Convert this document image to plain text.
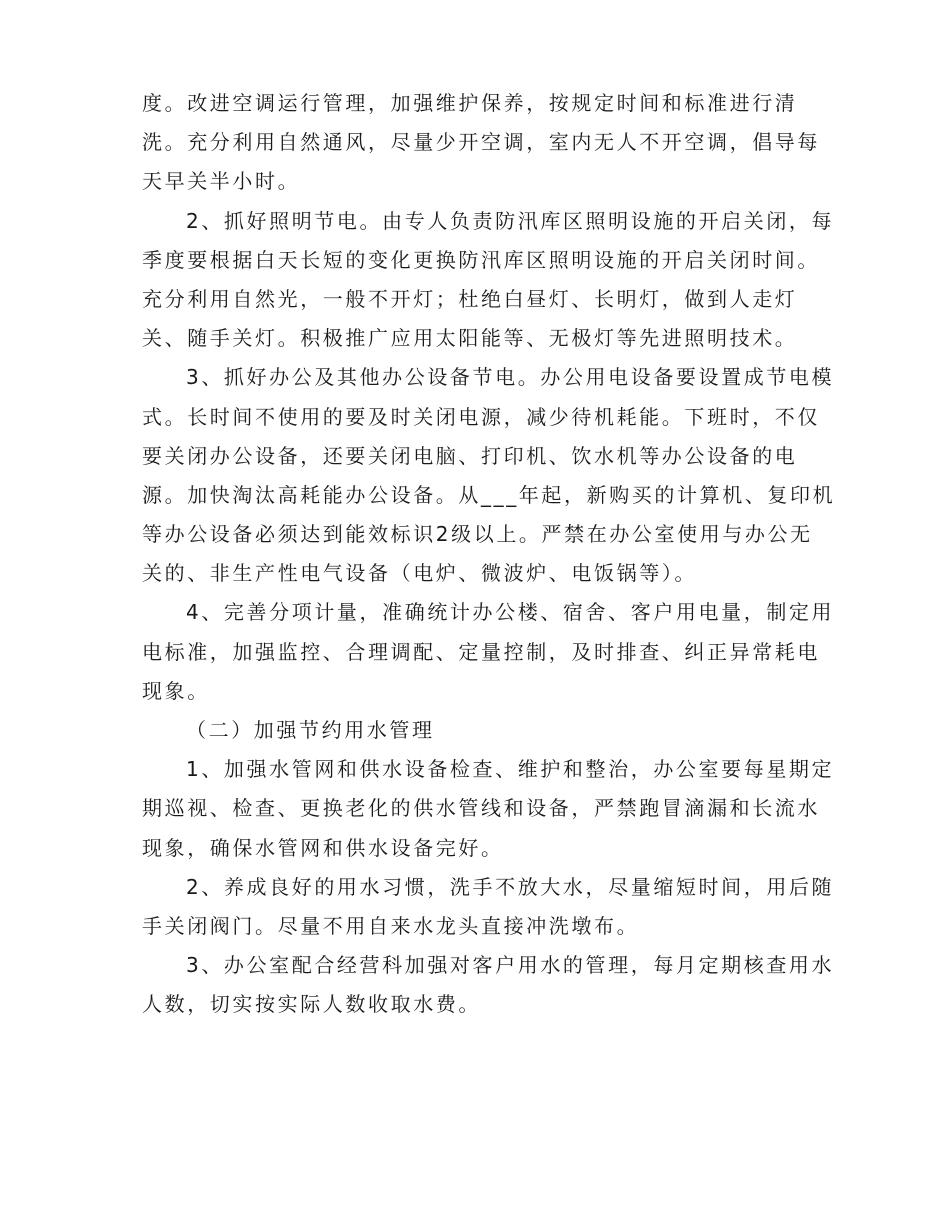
度。改进空调运行管理，加强维护保养，按规定时间和标准进行清
洗。充分利用自然通风，尽量少开空调，室内无人不开空调，倡导每
天早关半小时。
2、抓好照明节电。由专人负责防汛库区照明设施的开启关闭，每
季度要根据白天长短的变化更换防汛库区照明设施的开启关闭时间。
充分利用自然光，一般不开灯；杜绝白昼灯、长明灯，做到人走灯
关、随手关灯。积极推广应用太阳能等、无极灯等先进照明技术。
3、抓好办公及其他办公设备节电。办公用电设备要设置成节电模
式。长时间不使用的要及时关闭电源，减少待机耗能。下班时，不仅
要关闭办公设备，还要关闭电脑、打印机、饮水机等办公设备的电
源。加快淘汰高耗能办公设备。从___年起，新购买的计算机、复印机
等办公设备必须达到能效标识2级以上。严禁在办公室使用与办公无
关的、非生产性电气设备（电炉、微波炉、电饭锅等）。
4、完善分项计量，准确统计办公楼、宿舍、客户用电量，制定用
电标准，加强监控、合理调配、定量控制，及时排查、纠正异常耗电
现象。
（二）加强节约用水管理
1、加强水管网和供水设备检查、维护和整治，办公室要每星期定
期巡视、检查、更换老化的供水管线和设备，严禁跑冒滴漏和长流水
现象，确保水管网和供水设备完好。
2、养成良好的用水习惯，洗手不放大水，尽量缩短时间，用后随
手关闭阀门。尽量不用自来水龙头直接冲洗墩布。
3、办公室配合经营科加强对客户用水的管理，每月定期核查用水
人数，切实按实际人数收取水费。
